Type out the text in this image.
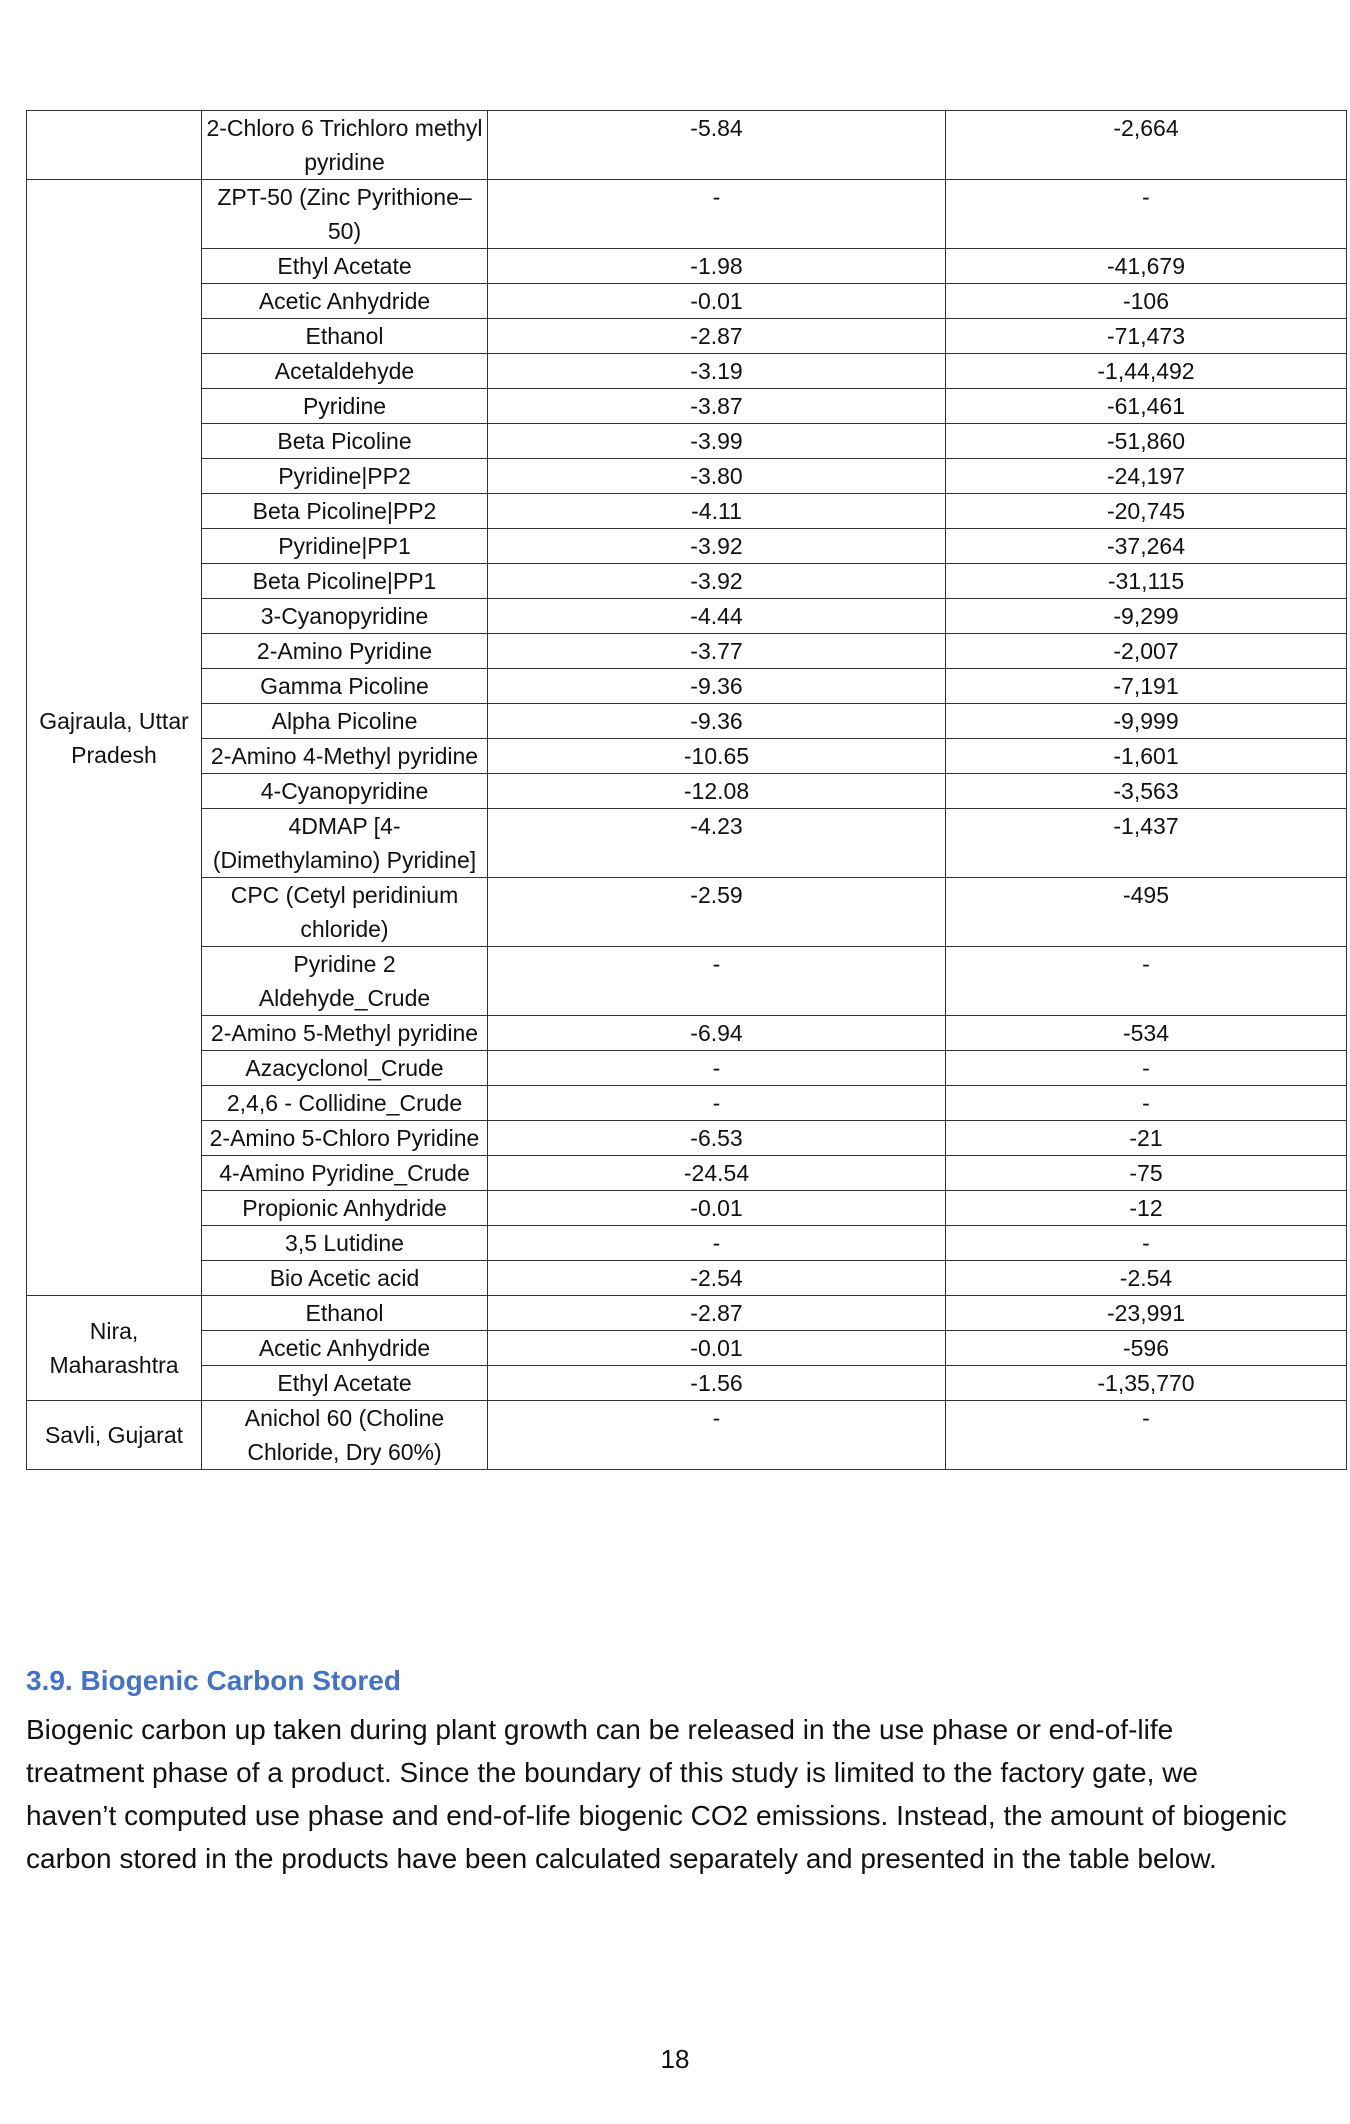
	2-Chloro 6 Trichloro methyl pyridine	-5.84	-2,664
Gajraula, Uttar Pradesh	ZPT-50 (Zinc Pyrithione–50)	-	-
	Ethyl Acetate	-1.98	-41,679
	Acetic Anhydride	-0.01	-106
	Ethanol	-2.87	-71,473
	Acetaldehyde	-3.19	-1,44,492
	Pyridine	-3.87	-61,461
	Beta Picoline	-3.99	-51,860
	Pyridine|PP2	-3.80	-24,197
	Beta Picoline|PP2	-4.11	-20,745
	Pyridine|PP1	-3.92	-37,264
	Beta Picoline|PP1	-3.92	-31,115
	3-Cyanopyridine	-4.44	-9,299
	2-Amino Pyridine	-3.77	-2,007
	Gamma Picoline	-9.36	-7,191
	Alpha Picoline	-9.36	-9,999
	2-Amino 4-Methyl pyridine	-10.65	-1,601
	4-Cyanopyridine	-12.08	-3,563
	4DMAP [4-(Dimethylamino) Pyridine]	-4.23	-1,437
	CPC (Cetyl peridinium chloride)	-2.59	-495
	Pyridine 2 Aldehyde_Crude	-	-
	2-Amino 5-Methyl pyridine	-6.94	-534
	Azacyclonol_Crude	-	-
	2,4,6 - Collidine_Crude	-	-
	2-Amino 5-Chloro Pyridine	-6.53	-21
	4-Amino Pyridine_Crude	-24.54	-75
	Propionic Anhydride	-0.01	-12
	3,5 Lutidine	-	-
	Bio Acetic acid	-2.54	-2.54
Nira, Maharashtra	Ethanol	-2.87	-23,991
	Acetic Anhydride	-0.01	-596
	Ethyl Acetate	-1.56	-1,35,770
Savli, Gujarat	Anichol 60 (Choline Chloride, Dry 60%)	-	-
3.9. Biogenic Carbon Stored

Biogenic carbon up taken during plant growth can be released in the use phase or end-of-life treatment phase of a product. Since the boundary of this study is limited to the factory gate, we haven’t computed use phase and end-of-life biogenic CO2 emissions. Instead, the amount of biogenic carbon stored in the products have been calculated separately and presented in the table below.

18
